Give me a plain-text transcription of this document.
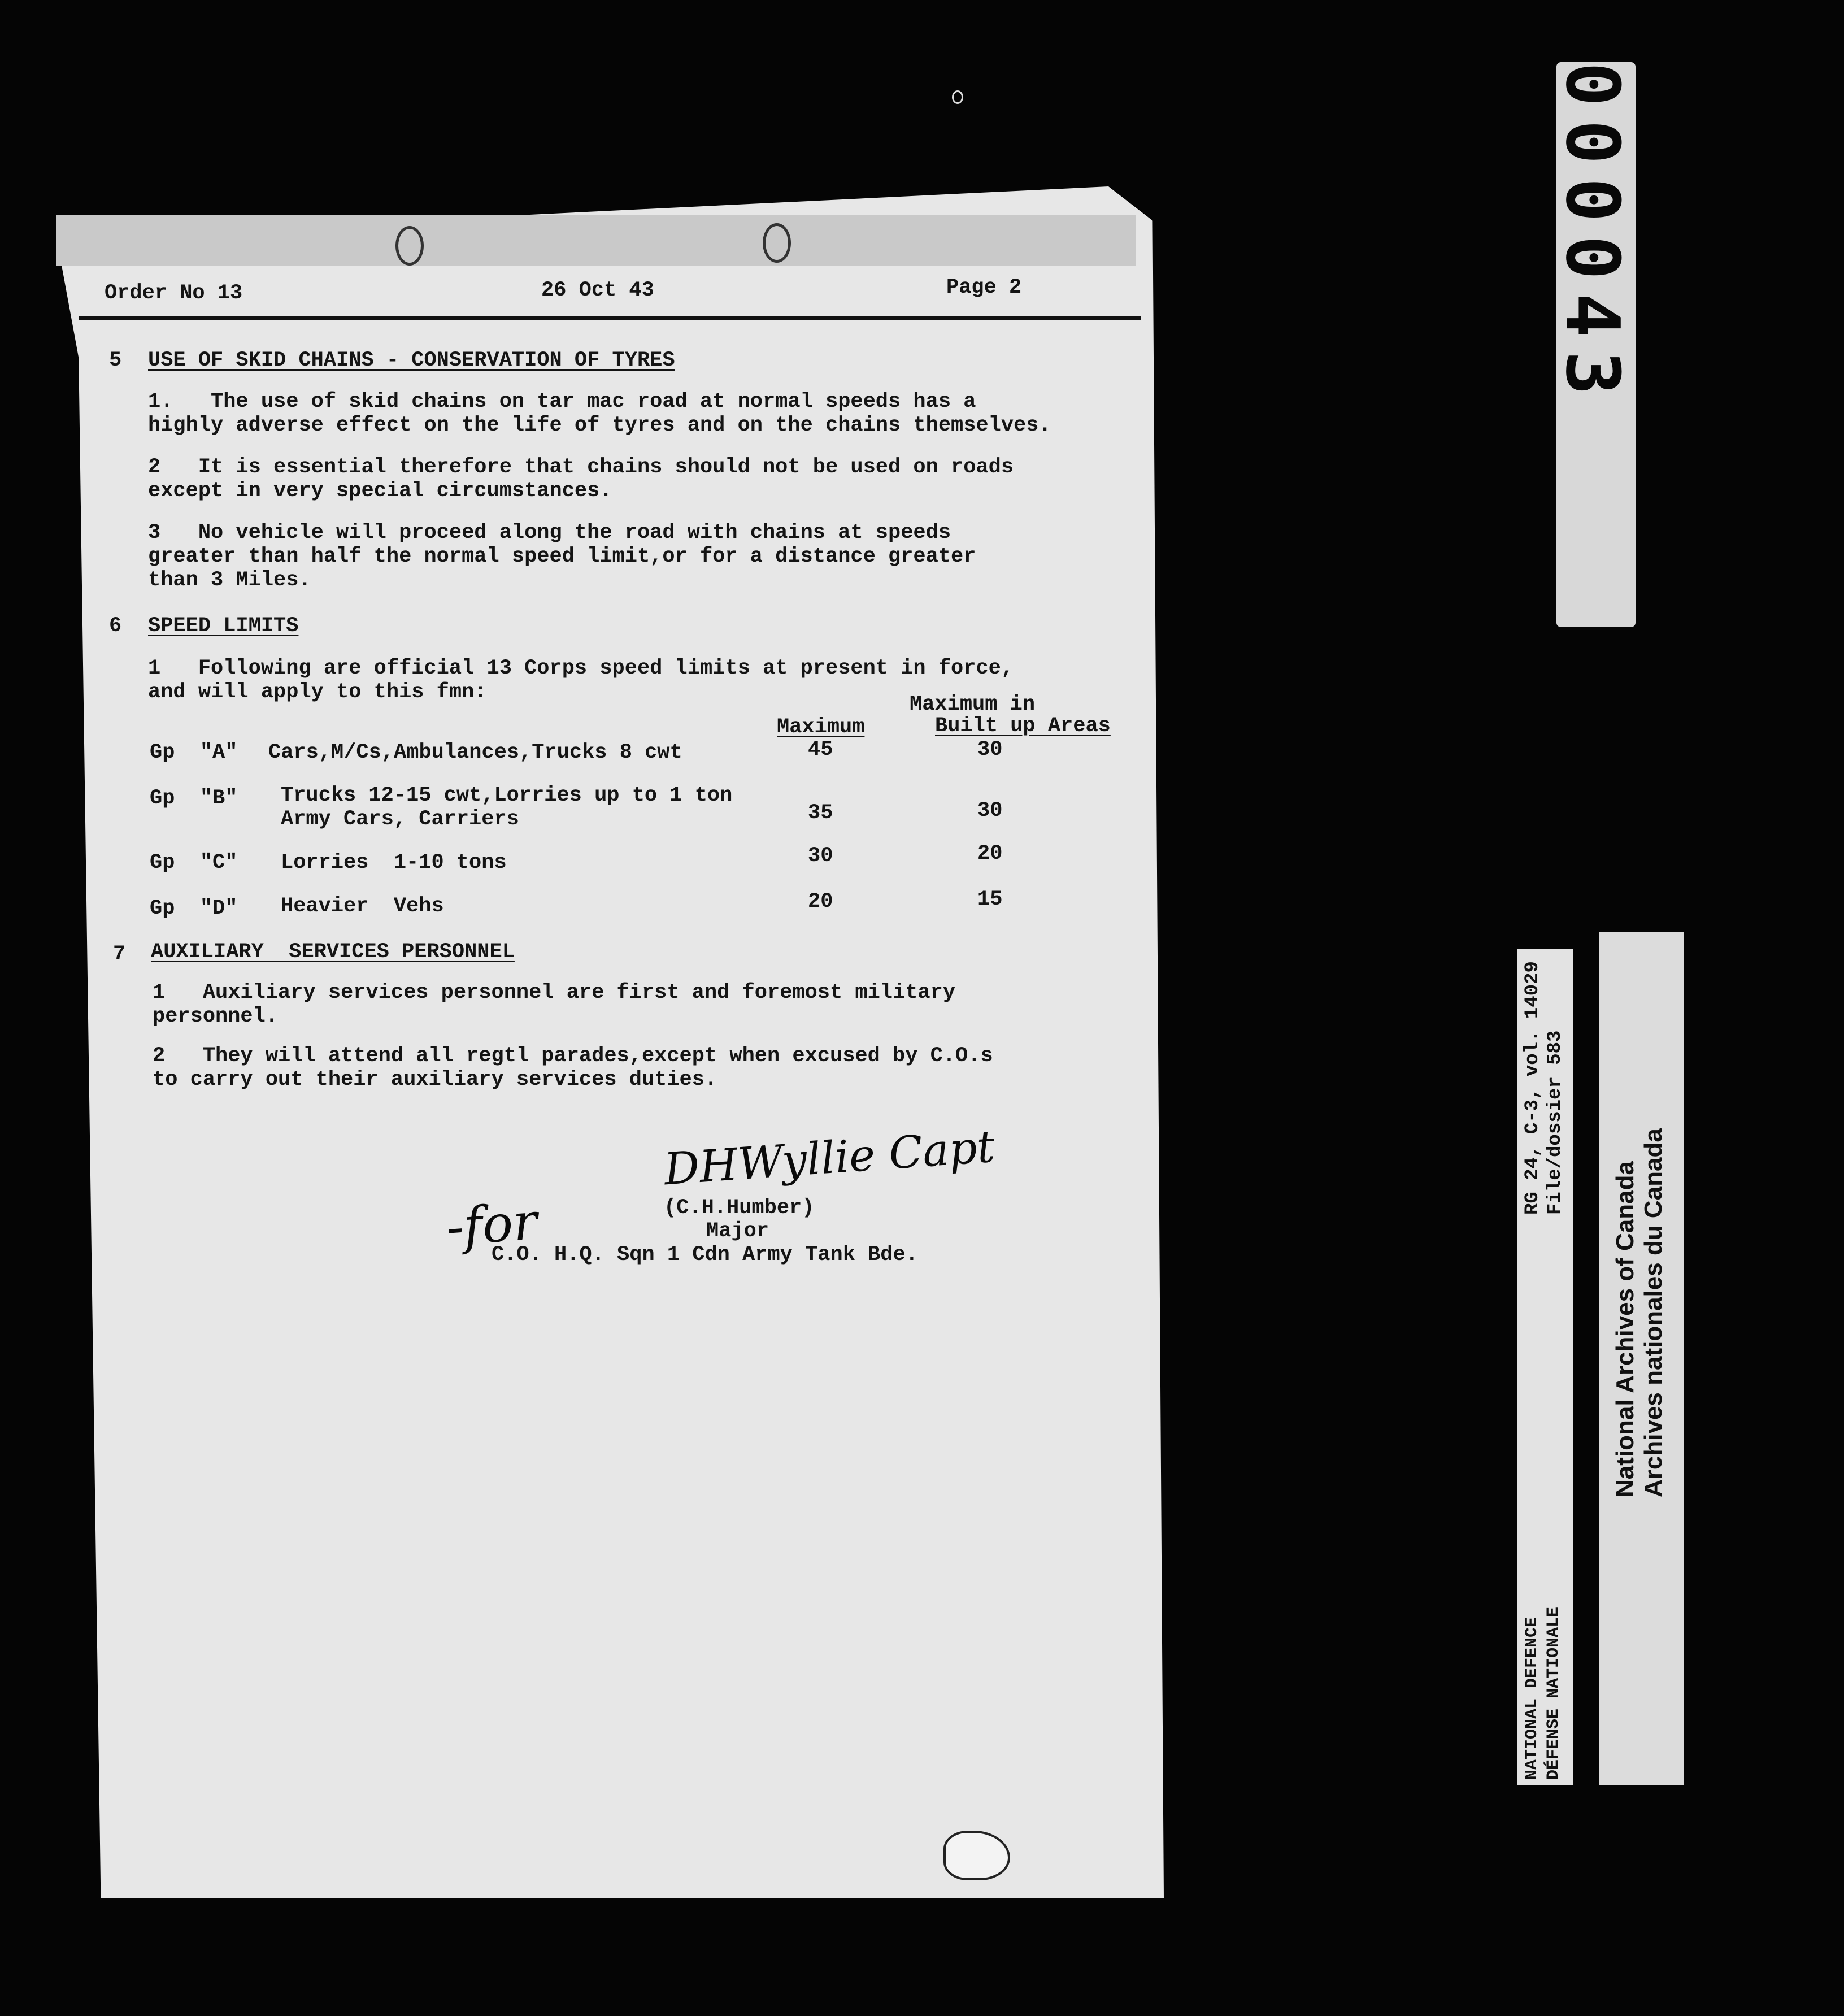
Order No 13	26 Oct 43	Page 2
5 USE OF SKID CHAINS - CONSERVATION OF TYRES
1.   The use of skid chains on tar mac road at normal speeds has a
highly adverse effect on the life of tyres and on the chains themselves.
2   It is essential therefore that chains should not be used on roads
except in very special circumstances.
3   No vehicle will proceed along the road with chains at speeds
greater than half the normal speed limit,or for a distance greater
than 3 Miles.
6 SPEED LIMITS
1   Following are official 13 Corps speed limits at present in force,
and will apply to this fmn:
Maximum in
Maximum	Built up Areas
Gp  "A" Cars,M/Cs,Ambulances,Trucks 8 cwt	45	30
Gp  "B" Trucks 12-15 cwt,Lorries up to 1 ton
Army Cars, Carriers	35	30
Gp  "C" Lorries  1-10 tons	30	20
Gp  "D" Heavier  Vehs	20	15
7 AUXILIARY  SERVICES PERSONNEL
1   Auxiliary services personnel are first and foremost military
personnel.
2   They will attend all regtl parades,except when excused by C.O.s
to carry out their auxiliary services duties.
DHWyllie Capt
-for	(C.H.Humber)
Major
C.O. H.Q. Sqn 1 Cdn Army Tank Bde.
000043
RG 24, C-3, vol. 14029 File/dossier 583
NATIONAL DEFENCE DÉFENSE NATIONALE
National Archives of Canada Archives nationales du Canada
